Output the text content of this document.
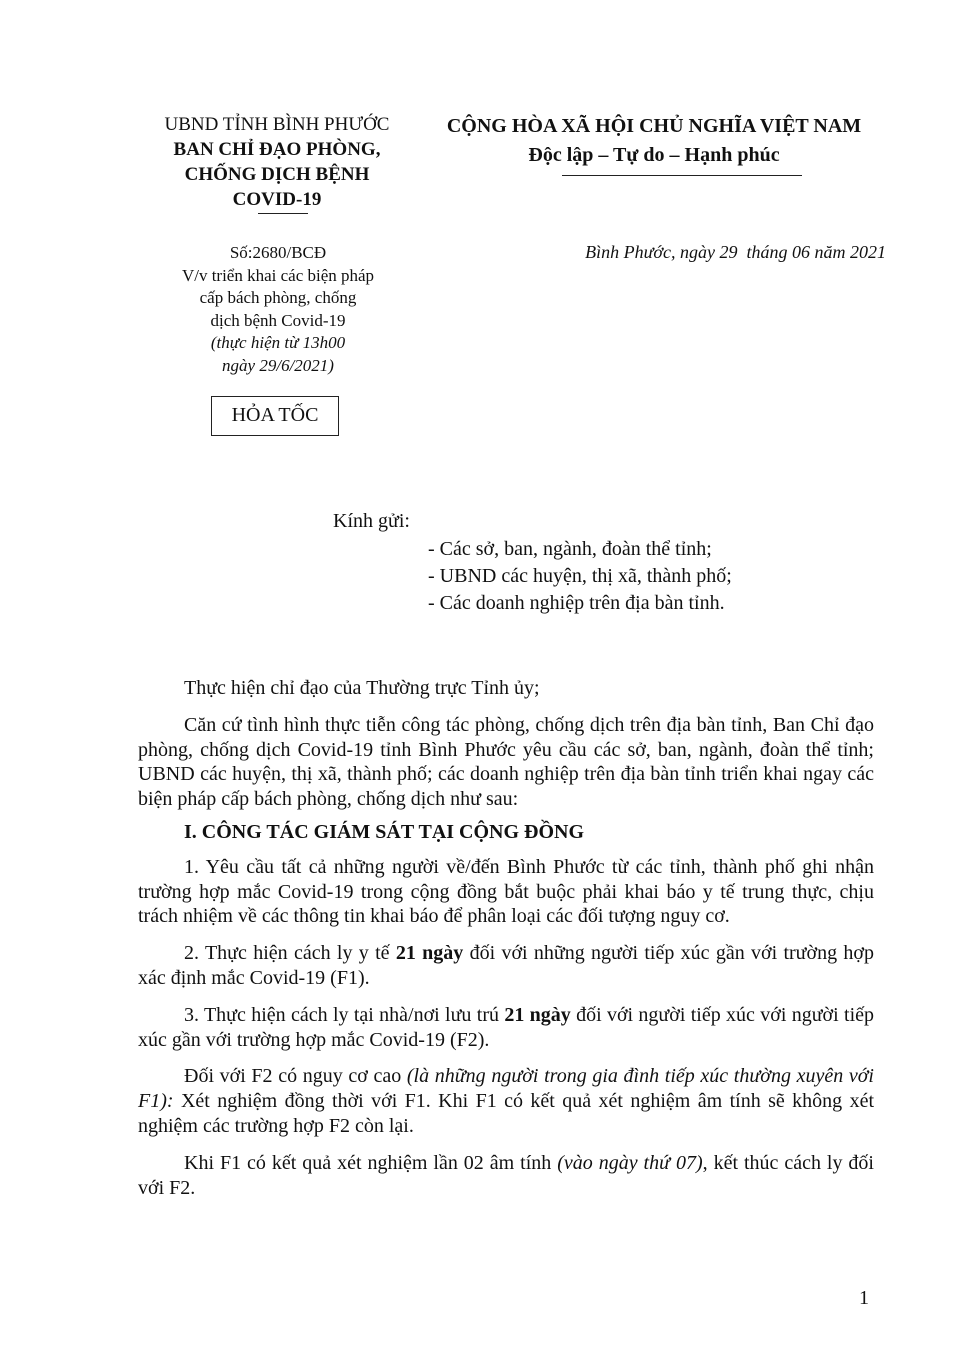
UBND TỈNH BÌNH PHƯỚC
BAN CHỈ ĐẠO PHÒNG,
CHỐNG DỊCH BỆNH
COVID-19
CỘNG HÒA XÃ HỘI CHỦ NGHĨA VIỆT NAM
Độc lập – Tự do – Hạnh phúc
Số:2680/BCĐ
V/v triển khai các biện pháp
cấp bách phòng, chống
dịch bệnh Covid-19
(thực hiện từ 13h00
ngày 29/6/2021)
Bình Phước, ngày 29  tháng 06 năm 2021
HỎA TỐC
Kính gửi:
- Các sở, ban, ngành, đoàn thể tỉnh;
- UBND các huyện, thị xã, thành phố;
- Các doanh nghiệp trên địa bàn tỉnh.

Thực hiện chỉ đạo của Thường trực Tỉnh ủy;

Căn cứ tình hình thực tiễn công tác phòng, chống dịch trên địa bàn tỉnh, Ban Chỉ đạo phòng, chống dịch Covid-19 tỉnh Bình Phước yêu cầu các sở, ban, ngành, đoàn thể tỉnh; UBND các huyện, thị xã, thành phố; các doanh nghiệp trên địa bàn tỉnh triển khai ngay các biện pháp cấp bách phòng, chống dịch như sau:

I. CÔNG TÁC GIÁM SÁT TẠI CỘNG ĐỒNG

1. Yêu cầu tất cả những người về/đến Bình Phước từ các tỉnh, thành phố ghi nhận trường hợp mắc Covid-19 trong cộng đồng bắt buộc phải khai báo y tế trung thực, chịu trách nhiệm về các thông tin khai báo để phân loại các đối tượng nguy cơ.

2. Thực hiện cách ly y tế 21 ngày đối với những người tiếp xúc gần với trường hợp xác định mắc Covid-19 (F1).

3. Thực hiện cách ly tại nhà/nơi lưu trú 21 ngày đối với người tiếp xúc với người tiếp xúc gần với trường hợp mắc Covid-19 (F2).

Đối với F2 có nguy cơ cao (là những người trong gia đình tiếp xúc thường xuyên với F1): Xét nghiệm đồng thời với F1. Khi F1 có kết quả xét nghiệm âm tính sẽ không xét nghiệm các trường hợp F2 còn lại.

Khi F1 có kết quả xét nghiệm lần 02 âm tính (vào ngày thứ 07), kết thúc cách ly đối với F2.

1
